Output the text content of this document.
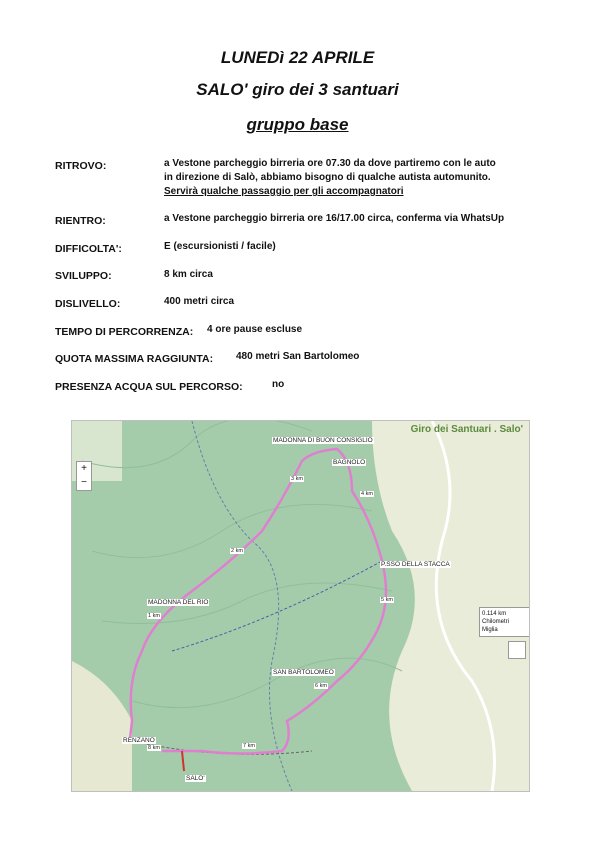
LUNEDì 22 APRILE
SALO' giro dei 3 santuari
gruppo base
RITROVO:	a Vestone parcheggio birreria ore 07.30 da dove partiremo con le auto
in direzione di Salò, abbiamo bisogno di qualche autista automunito.
Servirà qualche passaggio per gli accompagnatori
RIENTRO:	a Vestone parcheggio birreria ore 16/17.00 circa, conferma via WhatsUp
DIFFICOLTA':	E (escursionisti / facile)
SVILUPPO:	8 km circa
DISLIVELLO:	400 metri circa
TEMPO DI PERCORRENZA: 4 ore pause escluse
QUOTA MASSIMA RAGGIUNTA: 480 metri San Bartolomeo
PRESENZA ACQUA SUL PERCORSO:	no
Giro dei Santuari . Salo'
+
−
0.114 km
Chilometri
Miglia
MADONNA DI BUON CONSIGLIO
BAGNOLO
P.SSO DELLA STACCA
MADONNA DEL RIO
SAN BARTOLOMEO
RENZANO
SALO'
1 km
2 km
3 km
4 km
5 km
6 km
7 km
8 km
